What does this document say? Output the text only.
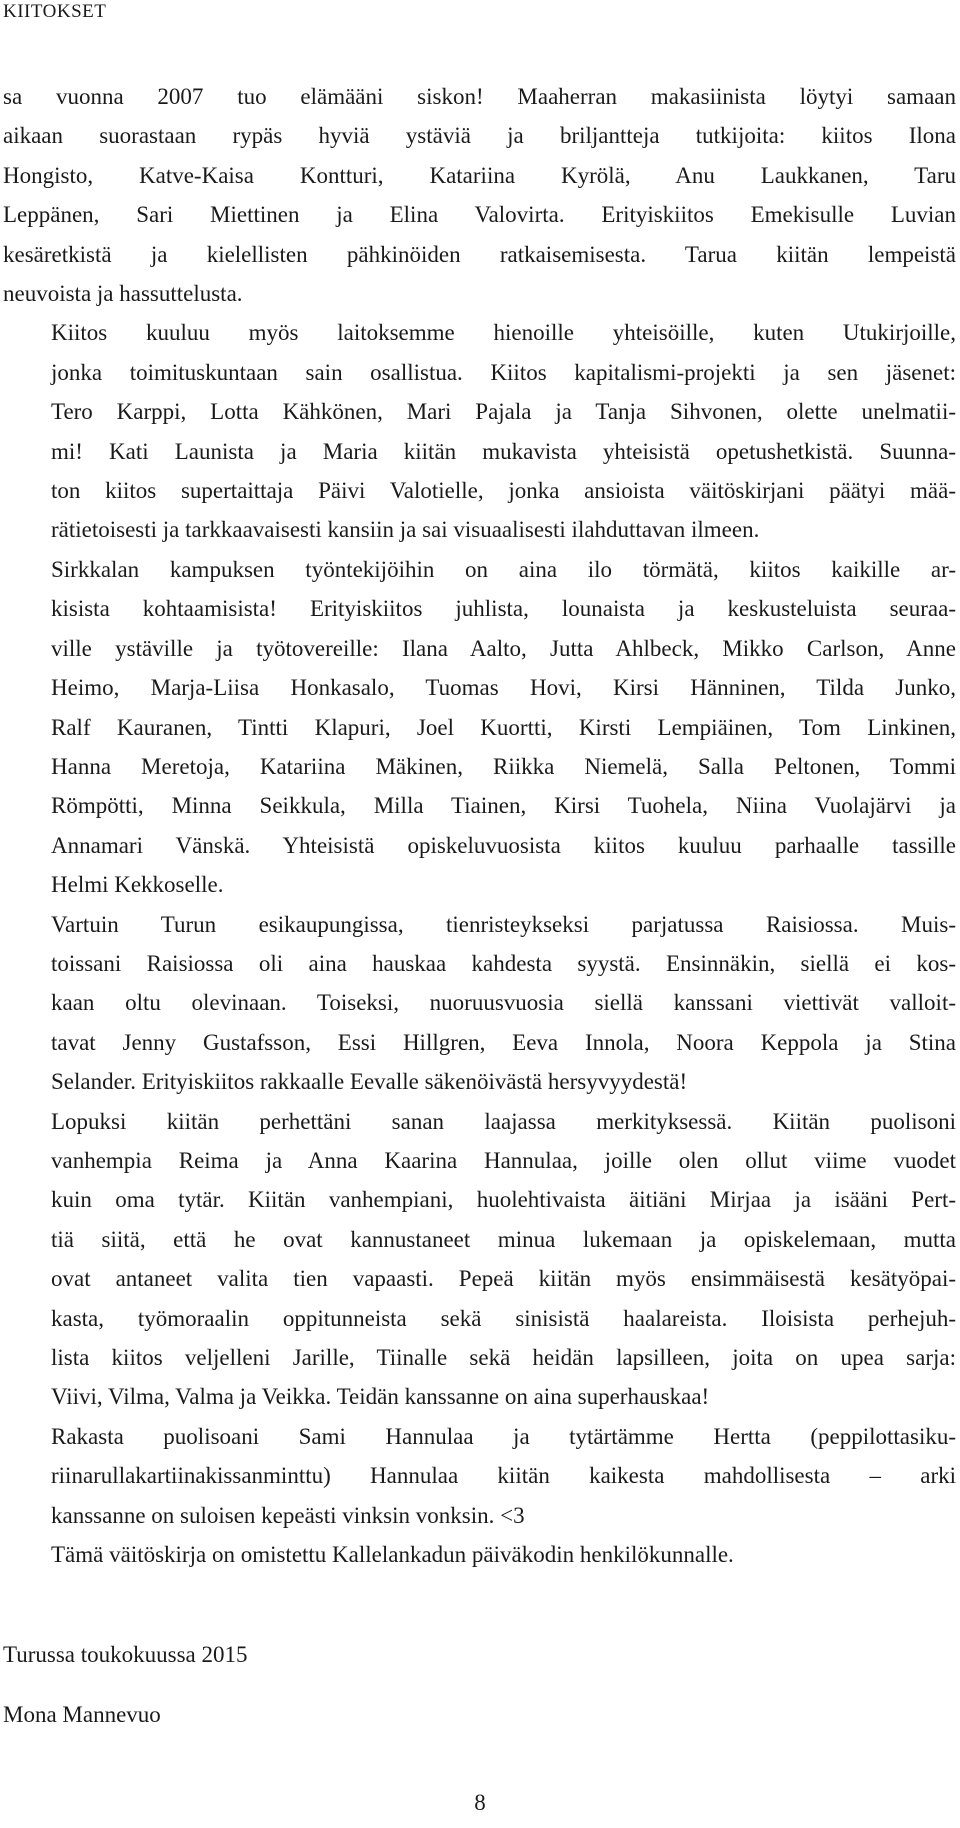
KIITOKSET

sa vuonna 2007 tuo elämääni siskon! Maaherran makasiinista löytyi samaan
aikaan suorastaan rypäs hyviä ystäviä ja briljantteja tutkijoita: kiitos Ilona
Hongisto, Katve-Kaisa Kontturi, Katariina Kyrölä, Anu Laukkanen, Taru
Leppänen, Sari Miettinen ja Elina Valovirta. Erityiskiitos Emekisulle Luvian
kesäretkistä ja kielellisten pähkinöiden ratkaisemisesta. Tarua kiitän lempeistä
neuvoista ja hassuttelusta.

Kiitos kuuluu myös laitoksemme hienoille yhteisöille, kuten Utukirjoille,
jonka toimituskuntaan sain osallistua. Kiitos kapitalismi-projekti ja sen jäsenet:
Tero Karppi, Lotta Kähkönen, Mari Pajala ja Tanja Sihvonen, olette unelmatii-
mi! Kati Launista ja Maria kiitän mukavista yhteisistä opetushetkistä. Suunna-
ton kiitos supertaittaja Päivi Valotielle, jonka ansioista väitöskirjani päätyi mää-
rätietoisesti ja tarkkaavaisesti kansiin ja sai visuaalisesti ilahduttavan ilmeen.

Sirkkalan kampuksen työntekijöihin on aina ilo törmätä, kiitos kaikille ar-
kisista kohtaamisista! Erityiskiitos juhlista, lounaista ja keskusteluista seuraa-
ville ystäville ja työtovereille: Ilana Aalto, Jutta Ahlbeck, Mikko Carlson, Anne
Heimo, Marja-Liisa Honkasalo, Tuomas Hovi, Kirsi Hänninen, Tilda Junko,
Ralf Kauranen, Tintti Klapuri, Joel Kuortti, Kirsti Lempiäinen, Tom Linkinen,
Hanna Meretoja, Katariina Mäkinen, Riikka Niemelä, Salla Peltonen, Tommi
Römpötti, Minna Seikkula, Milla Tiainen, Kirsi Tuohela, Niina Vuolajärvi ja
Annamari Vänskä. Yhteisistä opiskeluvuosista kiitos kuuluu parhaalle tassille
Helmi Kekkoselle.

Vartuin Turun esikaupungissa, tienristeykseksi parjatussa Raisiossa. Muis-
toissani Raisiossa oli aina hauskaa kahdesta syystä. Ensinnäkin, siellä ei kos-
kaan oltu olevinaan. Toiseksi, nuoruusvuosia siellä kanssani viettivät valloit-
tavat Jenny Gustafsson, Essi Hillgren, Eeva Innola, Noora Keppola ja Stina
Selander. Erityiskiitos rakkaalle Eevalle säkenöivästä hersyvyydestä!

Lopuksi kiitän perhettäni sanan laajassa merkityksessä. Kiitän puolisoni
vanhempia Reima ja Anna Kaarina Hannulaa, joille olen ollut viime vuodet
kuin oma tytär. Kiitän vanhempiani, huolehtivaista äitiäni Mirjaa ja isääni Pert-
tiä siitä, että he ovat kannustaneet minua lukemaan ja opiskelemaan, mutta
ovat antaneet valita tien vapaasti. Pepeä kiitän myös ensimmäisestä kesätyöpai-
kasta, työmoraalin oppitunneista sekä sinisistä haalareista. Iloisista perhejuh-
lista kiitos veljelleni Jarille, Tiinalle sekä heidän lapsilleen, joita on upea sarja:
Viivi, Vilma, Valma ja Veikka. Teidän kanssanne on aina superhauskaa!

Rakasta puolisoani Sami Hannulaa ja tytärtämme Hertta (peppilottasiku-
riinarullakartiinakissanminttu) Hannulaa kiitän kaikesta mahdollisesta – arki
kanssanne on suloisen kepeästi vinksin vonksin. <3

Tämä väitöskirja on omistettu Kallelankadun päiväkodin henkilökunnalle.

Turussa toukokuussa 2015
Mona Mannevuo
8
